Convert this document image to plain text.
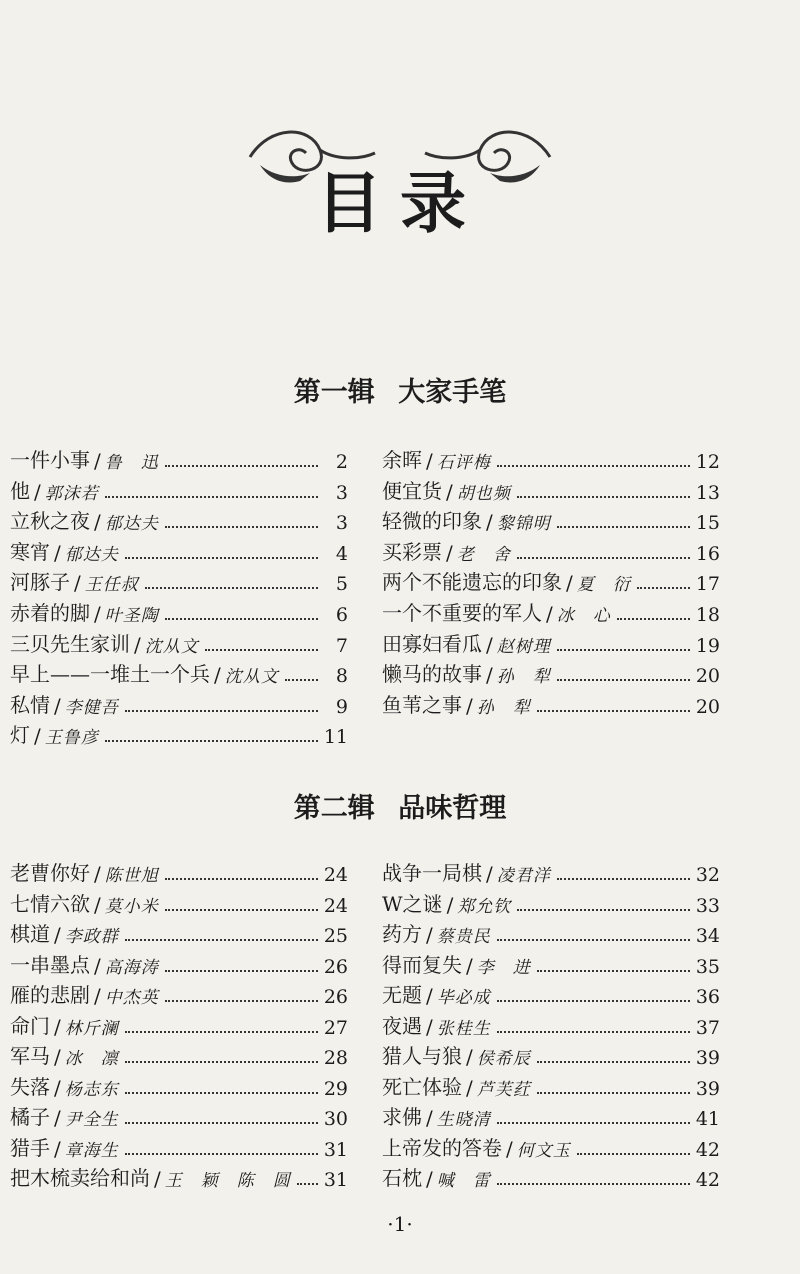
目录
第一辑 大家手笔
第二辑 品味哲理
一件小事 / 鲁　迅	2
他 / 郭沫若	3
立秋之夜 / 郁达夫	3
寒宵 / 郁达夫	4
河豚子 / 王任叔	5
赤着的脚 / 叶圣陶	6
三贝先生家训 / 沈从文	7
早上——一堆土一个兵 / 沈从文	8
私情 / 李健吾	9
灯 / 王鲁彦	11
余晖 / 石评梅	12
便宜货 / 胡也频	13
轻微的印象 / 黎锦明	15
买彩票 / 老　舍	16
两个不能遗忘的印象 / 夏　衍	17
一个不重要的军人 / 冰　心	18
田寡妇看瓜 / 赵树理	19
懒马的故事 / 孙　犁	20
鱼苇之事 / 孙　犁	20
老曹你好 / 陈世旭	24
七情六欲 / 莫小米	24
棋道 / 李政群	25
一串墨点 / 高海涛	26
雁的悲剧 / 中杰英	26
命门 / 林斤澜	27
军马 / 冰　凛	28
失落 / 杨志东	29
橘子 / 尹全生	30
猎手 / 章海生	31
把木梳卖给和尚 / 王　颖　陈　圆 31
战争一局棋 / 凌君洋	32
W之谜 / 郑允钦	33
药方 / 蔡贵民	34
得而复失 / 李　进	35
无题 / 毕必成	36
夜遇 / 张桂生	37
猎人与狼 / 侯希辰	39
死亡体验 / 芦芙荭	39
求佛 / 生晓清	41
上帝发的答卷 / 何文玉	42
石枕 / 喊　雷	42
·1·
